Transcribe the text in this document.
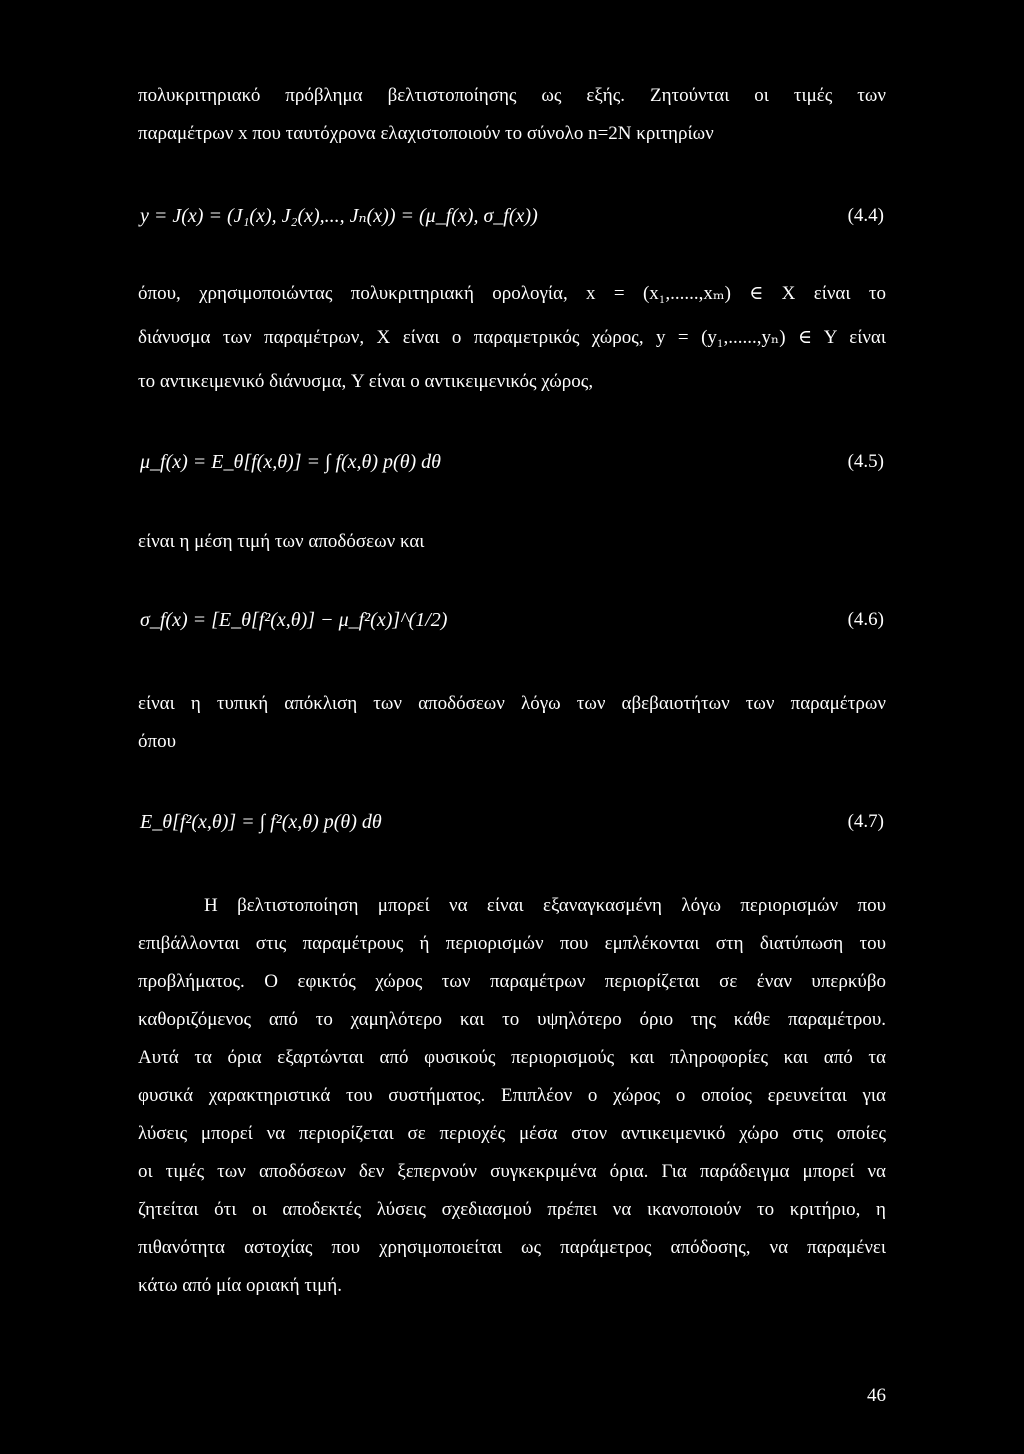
πολυκριτηριακό πρόβλημα βελτιστοποίησης ως εξής. Ζητούνται οι τιμές των
παραμέτρων x που ταυτόχρονα ελαχιστοποιούν το σύνολο n=2N κριτηρίων
y = J(x) = (J₁(x), J₂(x),..., Jₙ(x)) = (μ_f(x), σ_f(x))	(4.4)
όπου, χρησιμοποιώντας πολυκριτηριακή ορολογία, x = (x₁,......,xₘ) ∈ X είναι το
διάνυσμα των παραμέτρων, X είναι ο παραμετρικός χώρος, y = (y₁,......,yₙ) ∈ Y είναι
το αντικειμενικό διάνυσμα, Y είναι ο αντικειμενικός χώρος,
μ_f(x) = E_θ[f(x,θ)] = ∫ f(x,θ) p(θ) dθ	(4.5)
είναι η μέση τιμή των αποδόσεων και
σ_f(x) = [E_θ[f²(x,θ)] − μ_f²(x)]^(1/2)	(4.6)
είναι η τυπική απόκλιση των αποδόσεων λόγω των αβεβαιοτήτων των παραμέτρων
όπου
E_θ[f²(x,θ)] = ∫ f²(x,θ) p(θ) dθ	(4.7)
Η βελτιστοποίηση μπορεί να είναι εξαναγκασμένη λόγω περιορισμών που
επιβάλλονται στις παραμέτρους ή περιορισμών που εμπλέκονται στη διατύπωση του
προβλήματος. Ο εφικτός χώρος των παραμέτρων περιορίζεται σε έναν υπερκύβο
καθοριζόμενος από το χαμηλότερο και το υψηλότερο όριο της κάθε παραμέτρου.
Αυτά τα όρια εξαρτώνται από φυσικούς περιορισμούς και πληροφορίες και από τα
φυσικά χαρακτηριστικά του συστήματος. Επιπλέον ο χώρος ο οποίος ερευνείται για
λύσεις μπορεί να περιορίζεται σε περιοχές μέσα στον αντικειμενικό χώρο στις οποίες
οι τιμές των αποδόσεων δεν ξεπερνούν συγκεκριμένα όρια. Για παράδειγμα μπορεί να
ζητείται ότι οι αποδεκτές λύσεις σχεδιασμού πρέπει να ικανοποιούν το κριτήριο, η
πιθανότητα αστοχίας που χρησιμοποιείται ως παράμετρος απόδοσης, να παραμένει
κάτω από μία οριακή τιμή.
46
